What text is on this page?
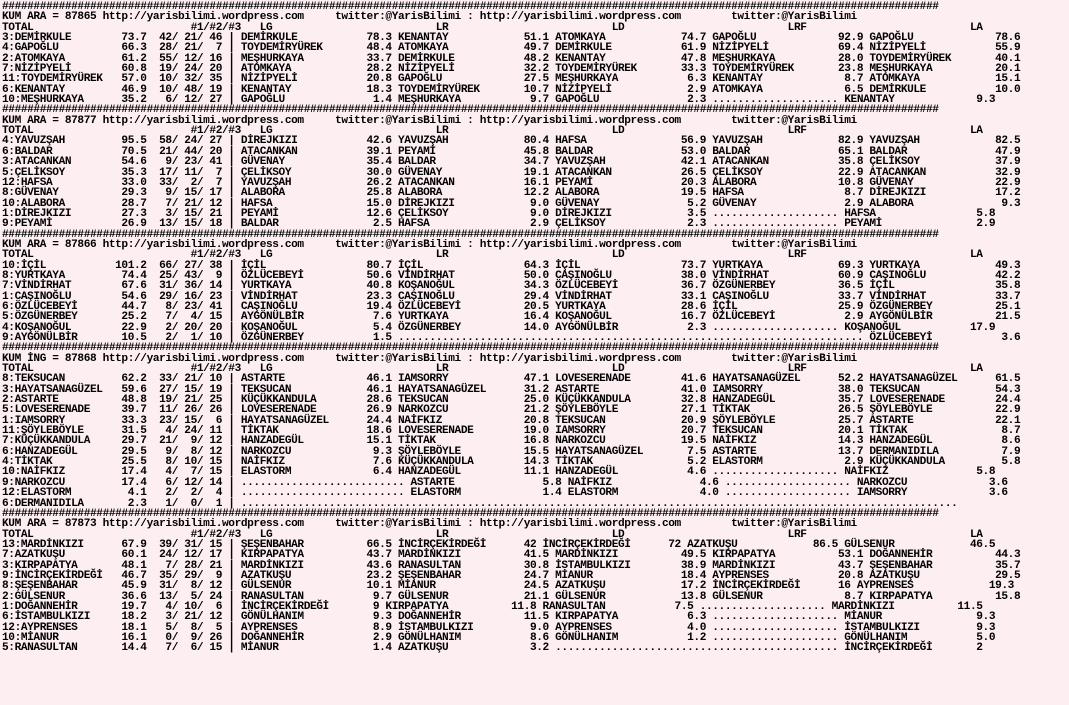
#####################################################################################################################################################
KUM ARA = 87865 http://yarisbilimi.wordpress.com     twitter:@YarisBilimi : http://yarisbilimi.wordpress.com        twitter:@YarisBilimi
TOTAL                         #1/#2/#3   LG                          LR                          LD                          LRF                          LA
3:DEMİRKULE        73.7  42/ 21/ 46 | DEMİRKULE           78.3 KENANTAY            51.1 ATOMKAYA            74.7 GAPOĞLU             92.9 GAPOĞLU             78.6
4:GAPOĞLU          66.3  28/ 21/  7 | TOYDEMİRYÜREK       48.4 ATOMKAYA            49.7 DEMİRKULE           61.9 NİZİPYELİ           69.4 NİZİPYELİ           55.9
2:ATOMKAYA         61.2  55/ 12/ 16 | MEŞHURKAYA          33.7 DEMİRKULE           48.2 KENANTAY            47.8 MEŞHURKAYA          28.0 TOYDEMİRYÜREK       40.1
7:NİZİPYELİ        60.8  19/ 24/ 20 | ATOMKAYA            28.2 NİZİPYELİ           32.2 TOYDEMİRYÜREK       33.3 TOYDEMİRYÜREK       23.8 MEŞHURKAYA          20.1
11:TOYDEMİRYÜREK   57.0  10/ 32/ 35 | NİZİPYELİ           20.8 GAPOĞLU             27.5 MEŞHURKAYA           6.3 KENANTAY             8.7 ATOMKAYA            15.1
6:KENANTAY         46.9  10/ 48/ 19 | KENANTAY            18.3 TOYDEMİRYÜREK       10.7 NİZİPYELİ            2.9 ATOMKAYA             6.5 DEMİRKULE           10.0
10:MEŞHURKAYA      35.2   6/ 12/ 27 | GAPOĞLU              1.4 MEŞHURKAYA           9.7 GAPOĞLU              2.3 .................... KENANTAY             9.3
#####################################################################################################################################################
KUM ARA = 87877 http://yarisbilimi.wordpress.com     twitter:@YarisBilimi : http://yarisbilimi.wordpress.com        twitter:@YarisBilimi
TOTAL                         #1/#2/#3   LG                          LR                          LD                          LRF                          LA
4:YAVUZŞAH         95.5  58/ 24/ 27 | DİREJKIZI           42.6 YAVUZŞAH            80.4 HAFSA               56.9 YAVUZŞAH            82.9 YAVUZŞAH            82.5
6:BALDAR           70.5  21/ 44/ 20 | ATACANKAN           39.1 PEYAMİ              45.8 BALDAR              53.0 BALDAR              65.1 BALDAR              47.9
3:ATACANKAN        54.6   9/ 23/ 41 | GÜVENAY             35.4 BALDAR              34.7 YAVUZŞAH            42.1 ATACANKAN           35.8 ÇELİKSOY            37.9
5:ÇELİKSOY         35.3  17/ 11/  7 | ÇELİKSOY            30.0 GÜVENAY             19.1 ATACANKAN           26.5 ÇELİKSOY            22.9 ATACANKAN           32.9
12:HAFSA           33.0  33/  2/  7 | YAVUZŞAH            26.2 ATACANKAN           16.1 PEYAMİ              20.3 ALABORA             10.8 GÜVENAY             22.9
8:GÜVENAY          29.3   9/ 15/ 17 | ALABORA             25.8 ALABORA             12.2 ALABORA             19.5 HAFSA                8.7 DİREJKIZI           17.2
10:ALABORA         28.7   7/ 21/ 12 | HAFSA               15.0 DİREJKIZI            9.0 GÜVENAY              5.2 GÜVENAY              2.9 ALABORA              9.3
1:DİREJKIZI        27.3   3/ 15/ 21 | PEYAMİ              12.6 ÇELİKSOY             9.0 DİREJKIZI            3.5 .................... HAFSA                5.8
9:PEYAMİ           26.9  13/ 15/ 18 | BALDAR               2.5 HAFSA                2.9 ÇELİKSOY             2.3 .................... PEYAMİ               2.9
#####################################################################################################################################################
KUM ARA = 87866 http://yarisbilimi.wordpress.com     twitter:@YarisBilimi : http://yarisbilimi.wordpress.com        twitter:@YarisBilimi
TOTAL                         #1/#2/#3   LG                          LR                          LD                          LRF                          LA
10:İÇİL           101.2  66/ 27/ 38 | İÇİL                80.7 İÇİL                64.3 İÇİL                73.7 YURTKAYA            69.3 YURTKAYA            49.3
8:YURTKAYA         74.4  25/ 43/  9 | ÖZLÜCEBEYİ          50.6 VİNDİRHAT           50.0 CAŞINOĞLU           38.0 VİNDİRHAT           60.9 CAŞINOĞLU           42.2
7:VİNDİRHAT        67.6  31/ 36/ 14 | YURTKAYA            40.8 KOŞANOĞUL           34.3 ÖZLÜCEBEYİ          36.7 ÖZGÜNERBEY          36.5 İÇİL                35.8
1:CAŞINOĞLU        54.6  29/ 16/ 23 | VİNDİRHAT           23.3 CAŞINOĞLU           29.4 VİNDİRHAT           33.1 CAŞINOĞLU           33.7 VİNDİRHAT           33.7
6:ÖZLÜCEBEYİ       44.7   8/ 23/ 41 | CAŞINOĞLU           19.4 ÖZLÜCEBEYİ          20.5 YURTKAYA            28.6 İÇİL                25.9 ÖZGÜNERBEY          25.1
5:ÖZGÜNERBEY       25.2   7/  4/ 15 | AYGÖNÜLBİR           7.6 YURTKAYA            16.4 KOŞANOĞUL           16.7 ÖZLÜCEBEYİ           2.9 AYGÖNÜLBİR          21.5
4:KOŞANOĞUL        22.9   2/ 20/ 20 | KOŞANOĞUL            5.4 ÖZGÜNERBEY          14.0 AYGÖNÜLBİR           2.3 .................... KOŞANOĞUL           17.9
9:AYGÖNÜLBİR       10.5   2/  1/ 10 | ÖZGÜNERBEY           1.5 .......................................................................... ÖZLÜCEBEYİ           3.6
#####################################################################################################################################################
KUM İNG = 87868 http://yarisbilimi.wordpress.com     twitter:@YarisBilimi : http://yarisbilimi.wordpress.com        twitter:@YarisBilimi
TOTAL                         #1/#2/#3   LG                          LR                          LD                          LRF                          LA
8:TEKSUCAN         62.2  33/ 21/ 10 | ASTARTE             46.1 IAMSORRY            47.1 LOVESERENADE        41.6 HAYATSANAGÜZEL      52.2 HAYATSANAGÜZEL      61.5
3:HAYATSANAGÜZEL   59.6  27/ 15/ 19 | TEKSUCAN            46.1 HAYATSANAGÜZEL      31.2 ASTARTE             41.0 IAMSORRY            38.0 TEKSUCAN            54.3
2:ASTARTE          48.8  19/ 21/ 25 | KÜÇÜKKANDULA        28.6 TEKSUCAN            25.0 KÜÇÜKKANDULA        32.8 HANZADEGÜL          35.7 LOVESERENADE        24.4
5:LOVESERENADE     39.7  11/ 26/ 26 | LOVESERENADE        26.9 NARKOZCU            21.2 ŞÖYLEBÖYLE          27.1 TİKTAK              26.5 ŞÖYLEBÖYLE          22.9
1:IAMSORRY         33.3  23/ 15/  6 | HAYATSANAGÜZEL      24.4 NAİFKIZ             20.8 TEKSUCAN            20.9 ŞÖYLEBÖYLE          25.7 ASTARTE             22.1
11:ŞÖYLEBÖYLE      31.5   4/ 24/ 11 | TİKTAK              18.6 LOVESERENADE        19.0 IAMSORRY            20.7 TEKSUCAN            20.1 TİKTAK               8.7
7:KÜÇÜKKANDULA     29.7  21/  9/ 12 | HANZADEGÜL          15.1 TİKTAK              16.8 NARKOZCU            19.5 NAİFKIZ             14.3 HANZADEGÜL           8.6
6:HANZADEGÜL       29.5   9/  8/ 12 | NARKOZCU             9.3 ŞÖYLEBÖYLE          15.5 HAYATSANAGÜZEL       7.5 ASTARTE             13.7 DERMANIDILA          7.9
4:TİKTAK           25.5   8/ 10/ 15 | NAİFKIZ              7.6 KÜÇÜKKANDULA        14.3 TİKTAK               5.2 ELASTORM             2.9 KÜÇÜKKANDULA         5.8
10:NAİFKIZ         17.4   4/  7/ 15 | ELASTORM             6.4 HANZADEGÜL          11.1 HANZADEGÜL           4.6 .................... NAİFKIZ              5.8
9:NARKOZCU         17.4   6/ 12/ 14 | .......................... ASTARTE              5.8 NAİFKIZ              4.6 .................... NARKOZCU             3.6
12:ELASTORM         4.1   2/  2/  4 | .......................... ELASTORM             1.4 ELASTORM             4.0 .................... IAMSORRY             3.6
6:DERMANIDILA       2.3   1/  0/  1 | ..................................................................................................................
#####################################################################################################################################################
KUM ARA = 87873 http://yarisbilimi.wordpress.com     twitter:@YarisBilimi : http://yarisbilimi.wordpress.com        twitter:@YarisBilimi
TOTAL                         #1/#2/#3   LG                          LR                          LD                          LRF                          LA
13:MARDİNKIZI      67.9  39/ 31/ 15 | ŞEŞENBAHAR          66.5 İNCİRÇEKİRDEĞİ      42 İNCİRÇEKİRDEĞİ      72 AZATKUŞU            86.5 GÜLSENUR            46.5
7:AZATKUŞU         60.1  24/ 12/ 17 | KIRPAPATYA          43.7 MARDİNKIZI          41.5 MARDİNKIZI          49.5 KIRPAPATYA          53.1 DOĞANNEHİR          44.3
3:KIRPAPATYA       48.1   7/ 28/ 21 | MARDİNKIZI          43.6 RANASULTAN          30.8 İSTAMBULKIZI        38.9 MARDİNKIZI          43.7 ŞEŞENBAHAR          35.7
9:İNCİRÇEKİRDEĞİ   46.7  35/ 29/  9 | AZATKUŞU            23.2 ŞEŞENBAHAR          24.7 MİANUR              18.4 AYPRENSES           20.8 AZATKUŞU            29.5
8:ŞEŞENBAHAR       45.9  31/  8/ 12 | GÜLSENUR            10.1 MİANUR              24.5 AZATKUŞU            17.2 İNCİRÇEKİRDEĞİ      16 AYPRENSES            19.3
2:GÜLSENUR         36.6  13/  5/ 24 | RANASULTAN           9.7 GÜLSENUR            21.1 GÜLSENUR            13.8 GÜLSENUR             8.7 KIRPAPATYA          15.8
1:DOĞANNEHİR       19.7   4/ 10/  6 | İNCİRÇEKİRDEĞİ       9 KIRPAPATYA          11.8 RANASULTAN           7.5 .................... MARDİNKIZI          11.5
6:İSTAMBULKIZI     18.2   3/ 21/ 12 | GÖNÜLHANIM           9.3 DOĞANNEHİR          11.5 KIRPAPATYA           6.3 .................... MİANUR               9.3
12:AYPRENSES       18.1   5/  8/  5 | AYPRENSES            8.9 İSTAMBULKIZI         9.0 AYPRENSES            4.0 .................... İSTAMBULKIZI         9.3
10:MİANUR          16.1   0/  9/ 26 | DOĞANNEHİR           2.9 GÖNÜLHANIM           8.6 GÖNÜLHANIM           1.2 .................... GÖNÜLHANIM           5.0
5:RANASULTAN       14.4   7/  6/ 15 | MİANUR               1.4 AZATKUŞU             3.2 ............................................. İNCİRÇEKİRDEĞİ       2
